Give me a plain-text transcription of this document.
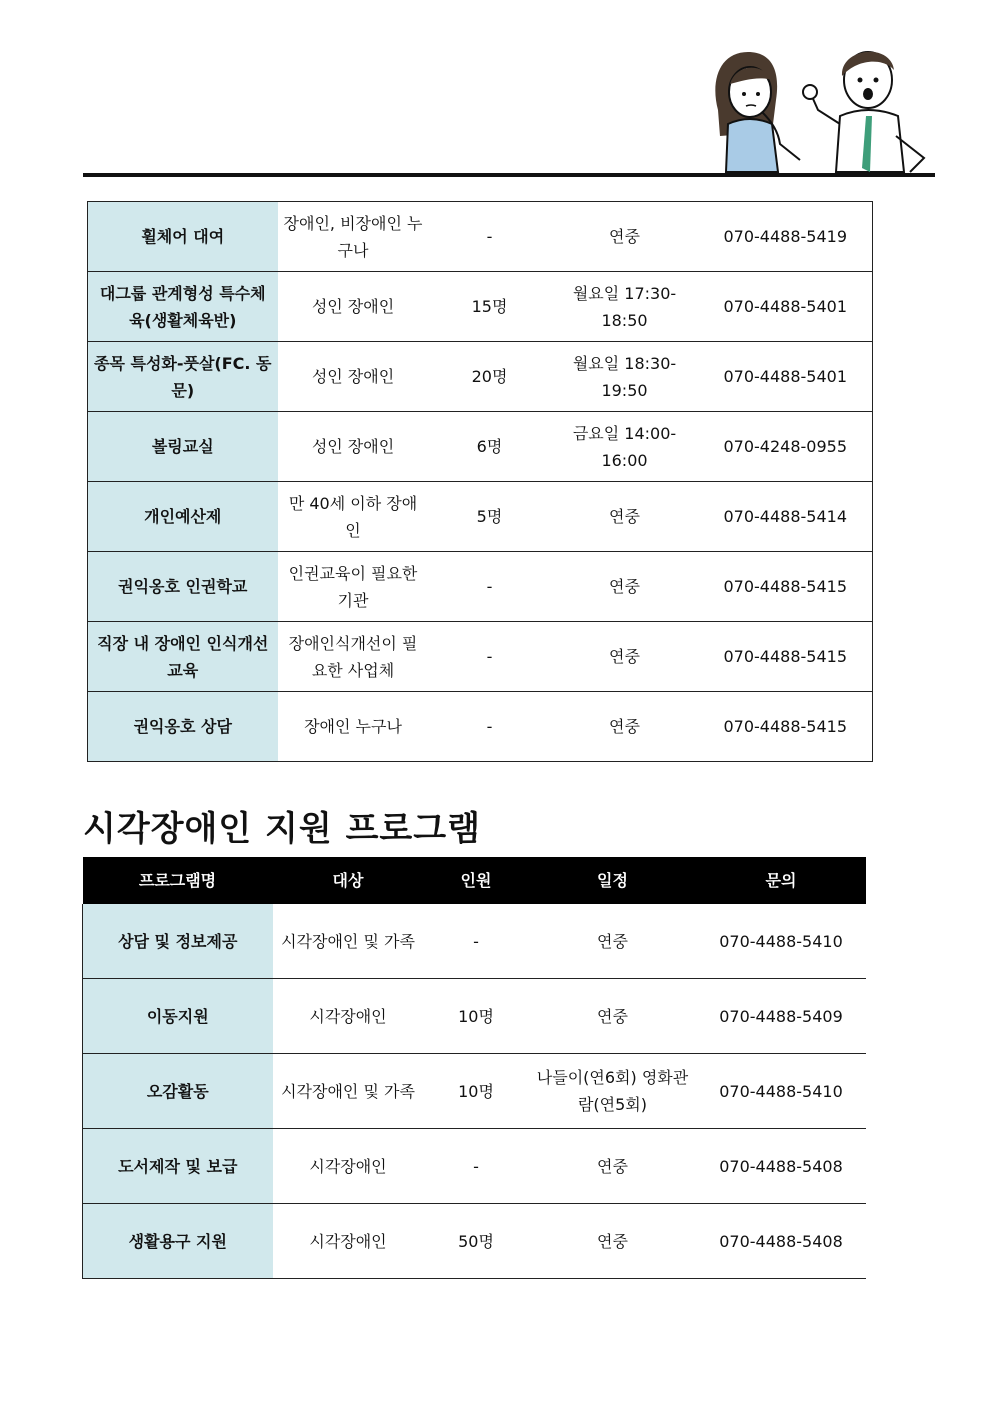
휠체어 대여	장애인, 비장애인 누구나	-	연중	070-4488-5419
대그룹 관계형성 특수체육(생활체육반)	성인 장애인	15명	월요일 17:30-18:50	070-4488-5401
종목 특성화-풋살(FC. 동문)	성인 장애인	20명	월요일 18:30-19:50	070-4488-5401
볼링교실	성인 장애인	6명	금요일 14:00-16:00	070-4248-0955
개인예산제	만 40세 이하 장애인	5명	연중	070-4488-5414
권익옹호 인권학교	인권교육이 필요한 기관	-	연중	070-4488-5415
직장 내 장애인 인식개선교육	장애인식개선이 필요한 사업체	-	연중	070-4488-5415
권익옹호 상담	장애인 누구나	-	연중	070-4488-5415
시각장애인 지원 프로그램
프로그램명	대상	인원	일정	문의
상담 및 정보제공	시각장애인 및 가족	-	연중	070-4488-5410
이동지원	시각장애인	10명	연중	070-4488-5409
오감활동	시각장애인 및 가족	10명	나들이(연6회) 영화관람(연5회)	070-4488-5410
도서제작 및 보급	시각장애인	-	연중	070-4488-5408
생활용구 지원	시각장애인	50명	연중	070-4488-5408
